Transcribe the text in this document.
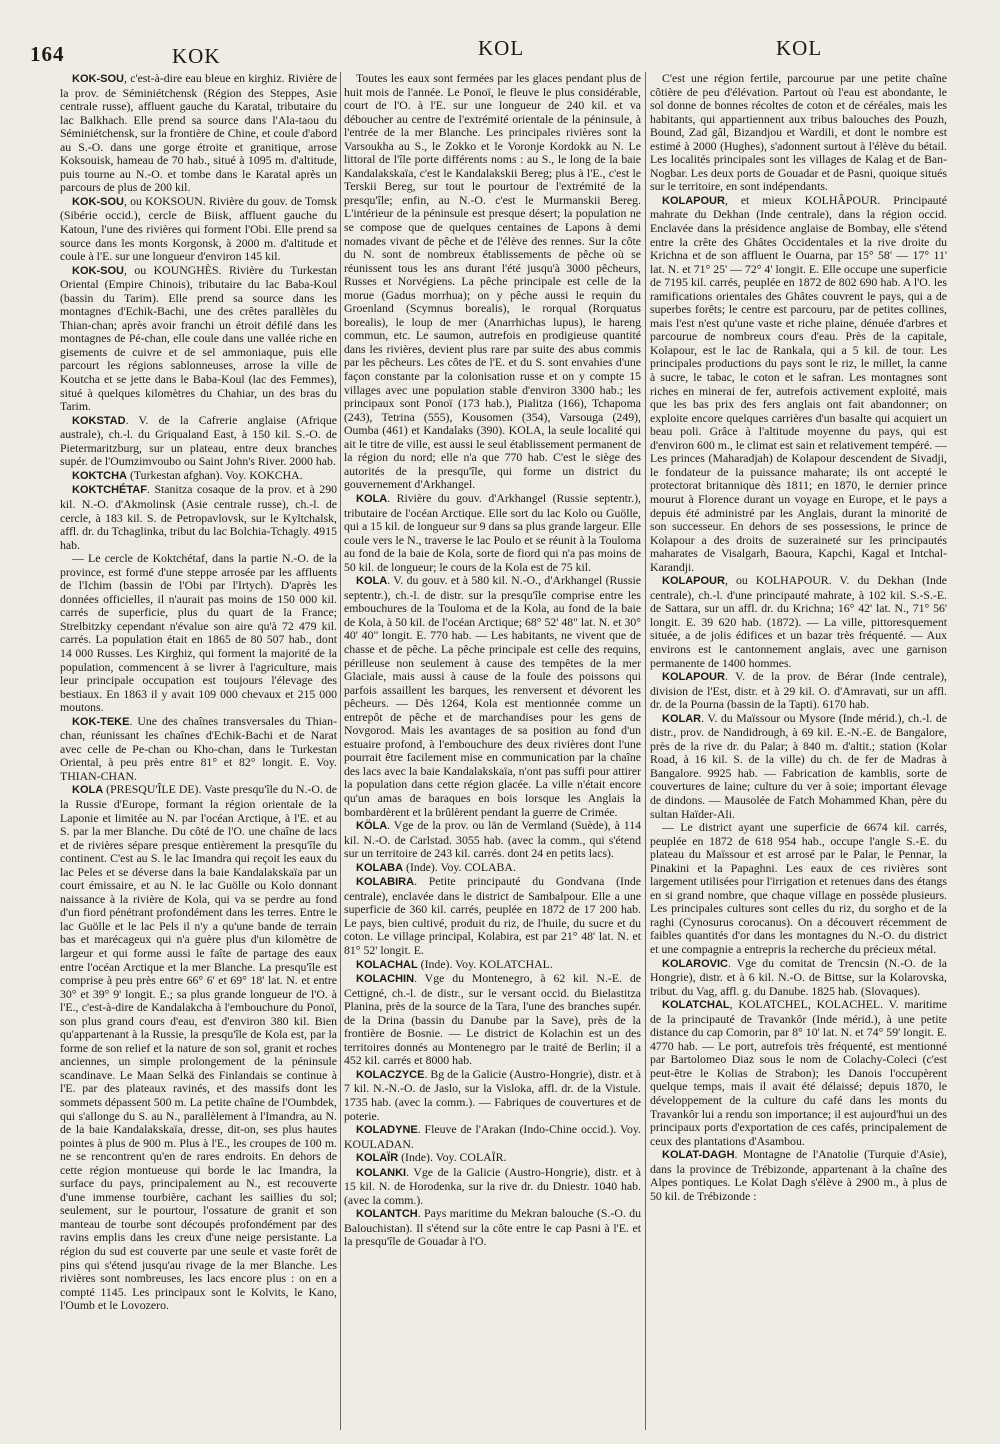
164	KOK	KOL	KOL

KOK-SOU, c'est-à-dire eau bleue en kirghiz. Rivière de la prov. de Séminiétchensk (Région des Steppes, Asie centrale russe), affluent gauche du Karatal, tributaire du lac Balkhach. Elle prend sa source dans l'Ala-taou du Séminiétchensk, sur la frontière de Chine, et coule d'abord au S.-O. dans une gorge étroite et granitique, arrose Koksouisk, hameau de 70 hab., situé à 1095 m. d'altitude, puis tourne au N.-O. et tombe dans le Karatal après un parcours de plus de 200 kil.

KOK-SOU, ou KOKSOUN. Rivière du gouv. de Tomsk (Sibérie occid.), cercle de Biisk, affluent gauche du Katoun, l'une des rivières qui forment l'Obi. Elle prend sa source dans les monts Korgonsk, à 2000 m. d'altitude et coule à l'E. sur une longueur d'environ 145 kil.

KOK-SOU, ou KOUNGHÈS. Rivière du Turkestan Oriental (Empire Chinois), tributaire du lac Baba-Koul (bassin du Tarim). Elle prend sa source dans les montagnes d'Echik-Bachi, une des crêtes parallèles du Thian-chan; après avoir franchi un étroit défilé dans les montagnes de Pé-chan, elle coule dans une vallée riche en gisements de cuivre et de sel ammoniaque, puis elle parcourt les régions sablonneuses, arrose la ville de Koutcha et se jette dans le Baba-Koul (lac des Femmes), situé à quelques kilomètres du Chahiar, un des bras du Tarim.

KOKSTAD. V. de la Cafrerie anglaise (Afrique australe), ch.-l. du Griqualand East, à 150 kil. S.-O. de Pietermaritzburg, sur un plateau, entre deux branches supér. de l'Oumzimvoubo ou Saint John's River. 2000 hab.

KOKTCHA (Turkestan afghan). Voy. KOKCHA.

KOKTCHÉTAF. Stanitza cosaque de la prov. et à 290 kil. N.-O. d'Akmolinsk (Asie centrale russe), ch.-l. de cercle, à 183 kil. S. de Petropavlovsk, sur le Kyltchalsk, affl. dr. du Tchaglinka, tribut du lac Bolchia-Tchagly. 4915 hab.

— Le cercle de Koktchétaf, dans la partie N.-O. de la province, est formé d'une steppe arrosée par les affluents de l'Ichim (bassin de l'Obi par l'Irtych). D'après les données officielles, il n'aurait pas moins de 150 000 kil. carrés de superficie, plus du quart de la France; Strelbitzky cependant n'évalue son aire qu'à 72 479 kil. carrés. La population était en 1865 de 80 507 hab., dont 14 000 Russes. Les Kirghiz, qui forment la majorité de la population, commencent à se livrer à l'agriculture, mais leur principale occupation est toujours l'élevage des bestiaux. En 1863 il y avait 109 000 chevaux et 215 000 moutons.

KOK-TEKE. Une des chaînes transversales du Thian-chan, réunissant les chaînes d'Echik-Bachi et de Narat avec celle de Pe-chan ou Kho-chan, dans le Turkestan Oriental, à peu près entre 81° et 82° longit. E. Voy. THIAN-CHAN.

KOLA (PRESQU'ÎLE DE). Vaste presqu'île du N.-O. de la Russie d'Europe, formant la région orientale de la Laponie et limitée au N. par l'océan Arctique, à l'E. et au S. par la mer Blanche. Du côté de l'O. une chaîne de lacs et de rivières sépare presque entièrement la presqu'île du continent. C'est au S. le lac Imandra qui reçoit les eaux du lac Peles et se déverse dans la baie Kandalakskaïa par un court émissaire, et au N. le lac Guölle ou Kolo donnant naissance à la rivière de Kola, qui va se perdre au fond d'un fiord pénétrant profondément dans les terres. Entre le lac Guölle et le lac Pels il n'y a qu'une bande de terrain bas et marécageux qui n'a guère plus d'un kilomètre de largeur et qui forme aussi le faîte de partage des eaux entre l'océan Arctique et la mer Blanche. La presqu'île est comprise à peu près entre 66° 6' et 69° 18' lat. N. et entre 30° et 39° 9' longit. E.; sa plus grande longueur de l'O. à l'E., c'est-à-dire de Kandalakcha à l'embouchure du Ponoï, son plus grand cours d'eau, est d'environ 380 kil. Bien qu'appartenant à la Russie, la presqu'île de Kola est, par la forme de son relief et la nature de son sol, granit et roches anciennes, un simple prolongement de la péninsule scandinave. Le Maan Selkä des Finlandais se continue à l'E. par des plateaux ravinés, et des massifs dont les sommets dépassent 500 m. La petite chaîne de l'Oumbdek, qui s'allonge du S. au N., parallèlement à l'Imandra, au N. de la baie Kandalakskaïa, dresse, dit-on, ses plus hautes pointes à plus de 900 m. Plus à l'E., les croupes de 100 m. ne se rencontrent qu'en de rares endroits. En dehors de cette région montueuse qui borde le lac Imandra, la surface du pays, principalement au N., est recouverte d'une immense tourbière, cachant les saillies du sol; seulement, sur le pourtour, l'ossature de granit et son manteau de tourbe sont découpés profondément par des ravins emplis dans les creux d'une neige persistante. La région du sud est couverte par une seule et vaste forêt de pins qui s'étend jusqu'au rivage de la mer Blanche. Les rivières sont nombreuses, les lacs encore plus : on en a compté 1145. Les principaux sont le Kolvits, le Kano, l'Oumb et le Lovozero.

Toutes les eaux sont fermées par les glaces pendant plus de huit mois de l'année. Le Ponoï, le fleuve le plus considérable, court de l'O. à l'E. sur une longueur de 240 kil. et va déboucher au centre de l'extrémité orientale de la péninsule, à l'entrée de la mer Blanche. Les principales rivières sont la Varsoukha au S., le Zokko et le Voronje Kordokk au N. Le littoral de l'île porte différents noms : au S., le long de la baie Kandalakskaïa, c'est le Kandalakskii Bereg; plus à l'E., c'est le Terskii Bereg, sur tout le pourtour de l'extrémité de la presqu'île; enfin, au N.-O. c'est le Murmanskii Bereg. L'intérieur de la péninsule est presque désert; la population ne se compose que de quelques centaines de Lapons à demi nomades vivant de pêche et de l'élève des rennes. Sur la côte du N. sont de nombreux établissements de pêche où se réunissent tous les ans durant l'été jusqu'à 3000 pêcheurs, Russes et Norvégiens. La pêche principale est celle de la morue (Gadus morrhua); on y pêche aussi le requin du Groenland (Scymnus borealis), le rorqual (Rorquatus borealis), le loup de mer (Anarrhichas lupus), le hareng commun, etc. Le saumon, autrefois en prodigieuse quantité dans les rivières, devient plus rare par suite des abus commis par les pêcheurs. Les côtes de l'E. et du S. sont envahies d'une façon constante par la colonisation russe et on y compte 15 villages avec une population stable d'environ 3300 hab.; les principaux sont Ponoï (173 hab.), Pialitza (166), Tchapoma (243), Tetrina (555), Kousomen (354), Varsouga (249), Oumba (461) et Kandalaks (390). KOLA, la seule localité qui ait le titre de ville, est aussi le seul établissement permanent de la région du nord; elle n'a que 770 hab. C'est le siège des autorités de la presqu'île, qui forme un district du gouvernement d'Arkhangel.

KOLA. Rivière du gouv. d'Arkhangel (Russie septentr.), tributaire de l'océan Arctique. Elle sort du lac Kolo ou Guölle, qui a 15 kil. de longueur sur 9 dans sa plus grande largeur. Elle coule vers le N., traverse le lac Poulo et se réunit à la Touloma au fond de la baie de Kola, sorte de fiord qui n'a pas moins de 50 kil. de longueur; le cours de la Kola est de 75 kil.

KOLA. V. du gouv. et à 580 kil. N.-O., d'Arkhangel (Russie septentr.), ch.-l. de distr. sur la presqu'île comprise entre les embouchures de la Touloma et de la Kola, au fond de la baie de Kola, à 50 kil. de l'océan Arctique; 68° 52' 48" lat. N. et 30° 40' 40" longit. E. 770 hab. — Les habitants, ne vivent que de chasse et de pêche. La pêche principale est celle des requins, périlleuse non seulement à cause des tempêtes de la mer Glaciale, mais aussi à cause de la foule des poissons qui parfois assaillent les barques, les renversent et dévorent les pêcheurs. — Dès 1264, Kola est mentionnée comme un entrepôt de pêche et de marchandises pour les gens de Novgorod. Mais les avantages de sa position au fond d'un estuaire profond, à l'embouchure des deux rivières dont l'une pourrait être facilement mise en communication par la chaîne des lacs avec la baie Kandalakskaïa, n'ont pas suffi pour attirer la population dans cette région glacée. La ville n'était encore qu'un amas de baraques en bois lorsque les Anglais la bombardèrent et la brûlèrent pendant la guerre de Crimée.

KÖLA. Vge de la prov. ou län de Vermland (Suède), à 114 kil. N.-O. de Carlstad. 3055 hab. (avec la comm., qui s'étend sur un territoire de 243 kil. carrés. dont 24 en petits lacs).

KOLABA (Inde). Voy. COLABA.

KOLABIRA. Petite principauté du Gondvana (Inde centrale), enclavée dans le district de Sambalpour. Elle a une superficie de 360 kil. carrés, peuplée en 1872 de 17 200 hab. Le pays, bien cultivé, produit du riz, de l'huile, du sucre et du coton. Le village principal, Kolabira, est par 21° 48' lat. N. et 81° 52' longit. E.

KOLACHAL (Inde). Voy. KOLATCHAL.

KOLACHIN. Vge du Montenegro, à 62 kil. N.-E. de Cettigné, ch.-l. de distr., sur le versant occid. du Bielastitza Planina, près de la source de la Tara, l'une des branches supér. de la Drina (bassin du Danube par la Save), près de la frontière de Bosnie. — Le district de Kolachin est un des territoires donnés au Montenegro par le traité de Berlin; il a 452 kil. carrés et 8000 hab.

KOLACZYCE. Bg de la Galicie (Austro-Hongrie), distr. et à 7 kil. N.-N.-O. de Jaslo, sur la Visloka, affl. dr. de la Vistule. 1735 hab. (avec la comm.). — Fabriques de couvertures et de poterie.

KOLADYNE. Fleuve de l'Arakan (Indo-Chine occid.). Voy. KOULADAN.

KOLAÏR (Inde). Voy. COLAÏR.

KOLANKI. Vge de la Galicie (Austro-Hongrie), distr. et à 15 kil. N. de Horodenka, sur la rive dr. du Dniestr. 1040 hab. (avec la comm.).

KOLANTCH. Pays maritime du Mekran balouche (S.-O. du Balouchistan). Il s'étend sur la côte entre le cap Pasni à l'E. et la presqu'île de Gouadar à l'O.

C'est une région fertile, parcourue par une petite chaîne côtière de peu d'élévation. Partout où l'eau est abondante, le sol donne de bonnes récoltes de coton et de céréales, mais les habitants, qui appartiennent aux tribus balouches des Pouzh, Bound, Zad gâl, Bizandjou et Wardili, et dont le nombre est estimé à 2000 (Hughes), s'adonnent surtout à l'élève du bétail. Les localités principales sont les villages de Kalag et de Ban-Nogbar. Les deux ports de Gouadar et de Pasni, quoique situés sur le territoire, en sont indépendants.

KOLAPOUR, et mieux KOLHÂPOUR. Principauté mahrate du Dekhan (Inde centrale), dans la région occid. Enclavée dans la présidence anglaise de Bombay, elle s'étend entre la crête des Ghâtes Occidentales et la rive droite du Krichna et de son affluent le Ouarna, par 15° 58' — 17° 11' lat. N. et 71° 25' — 72° 4' longit. E. Elle occupe une superficie de 7195 kil. carrés, peuplée en 1872 de 802 690 hab. A l'O. les ramifications orientales des Ghâtes couvrent le pays, qui a de superbes forêts; le centre est parcouru, par de petites collines, mais l'est n'est qu'une vaste et riche plaine, dénuée d'arbres et parcourue de nombreux cours d'eau. Près de la capitale, Kolapour, est le lac de Rankala, qui a 5 kil. de tour. Les principales productions du pays sont le riz, le millet, la canne à sucre, le tabac, le coton et le safran. Les montagnes sont riches en minerai de fer, autrefois activement exploité, mais que les bas prix des fers anglais ont fait abandonner; on exploite encore quelques carrières d'un basalte qui acquiert un beau poli. Grâce à l'altitude moyenne du pays, qui est d'environ 600 m., le climat est sain et relativement tempéré. — Les princes (Maharadjah) de Kolapour descendent de Sivadji, le fondateur de la puissance maharate; ils ont accepté le protectorat britannique dès 1811; en 1870, le dernier prince mourut à Florence durant un voyage en Europe, et le pays a depuis été administré par les Anglais, durant la minorité de son successeur. En dehors de ses possessions, le prince de Kolapour a des droits de suzeraineté sur les principautés maharates de Visalgarh, Baoura, Kapchi, Kagal et Intchal-Karandji.

KOLAPOUR, ou KOLHAPOUR. V. du Dekhan (Inde centrale), ch.-l. d'une principauté mahrate, à 102 kil. S.-S.-E. de Sattara, sur un affl. dr. du Krichna; 16° 42' lat. N., 71° 56' longit. E. 39 620 hab. (1872). — La ville, pittoresquement située, a de jolis édifices et un bazar très fréquenté. — Aux environs est le cantonnement anglais, avec une garnison permanente de 1400 hommes.

KOLAPOUR. V. de la prov. de Bérar (Inde centrale), division de l'Est, distr. et à 29 kil. O. d'Amravati, sur un affl. dr. de la Pourna (bassin de la Tapti). 6170 hab.

KOLAR. V. du Maïssour ou Mysore (Inde mérid.), ch.-l. de distr., prov. de Nandidrough, à 69 kil. E.-N.-E. de Bangalore, près de la rive dr. du Palar; à 840 m. d'altit.; station (Kolar Road, à 16 kil. S. de la ville) du ch. de fer de Madras à Bangalore. 9925 hab. — Fabrication de kamblis, sorte de couvertures de laine; culture du ver à soie; important élevage de dindons. — Mausolée de Fatch Mohammed Khan, père du sultan Haïder-Ali.

— Le district ayant une superficie de 6674 kil. carrés, peuplée en 1872 de 618 954 hab., occupe l'angle S.-E. du plateau du Maïssour et est arrosé par le Palar, le Pennar, la Pinakini et la Papaghni. Les eaux de ces rivières sont largement utilisées pour l'irrigation et retenues dans des étangs en si grand nombre, que chaque village en possède plusieurs. Les principales cultures sont celles du riz, du sorgho et de la raghi (Cynosurus corocanus). On a découvert récemment de faibles quantités d'or dans les montagnes du N.-O. du district et une compagnie a entrepris la recherche du précieux métal.

KOLAROVIC. Vge du comitat de Trencsin (N.-O. de la Hongrie), distr. et à 6 kil. N.-O. de Bittse, sur la Kolarovska, tribut. du Vag, affl. g. du Danube. 1825 hab. (Slovaques).

KOLATCHAL, KOLATCHEL, KOLACHEL. V. maritime de la principauté de Travankôr (Inde mérid.), à une petite distance du cap Comorin, par 8° 10' lat. N. et 74° 59' longit. E. 4770 hab. — Le port, autrefois très fréquenté, est mentionné par Bartolomeo Diaz sous le nom de Colachy-Coleci (c'est peut-être le Kolias de Strabon); les Danois l'occupèrent quelque temps, mais il avait été délaissé; depuis 1870, le développement de la culture du café dans les monts du Travankôr lui a rendu son importance; il est aujourd'hui un des principaux ports d'exportation de ces cafés, principalement de ceux des plantations d'Asambou.

KOLAT-DAGH. Montagne de l'Anatolie (Turquie d'Asie), dans la province de Trébizonde, appartenant à la chaîne des Alpes pontiques. Le Kolat Dagh s'élève à 2900 m., à plus de 50 kil. de Trébizonde :
